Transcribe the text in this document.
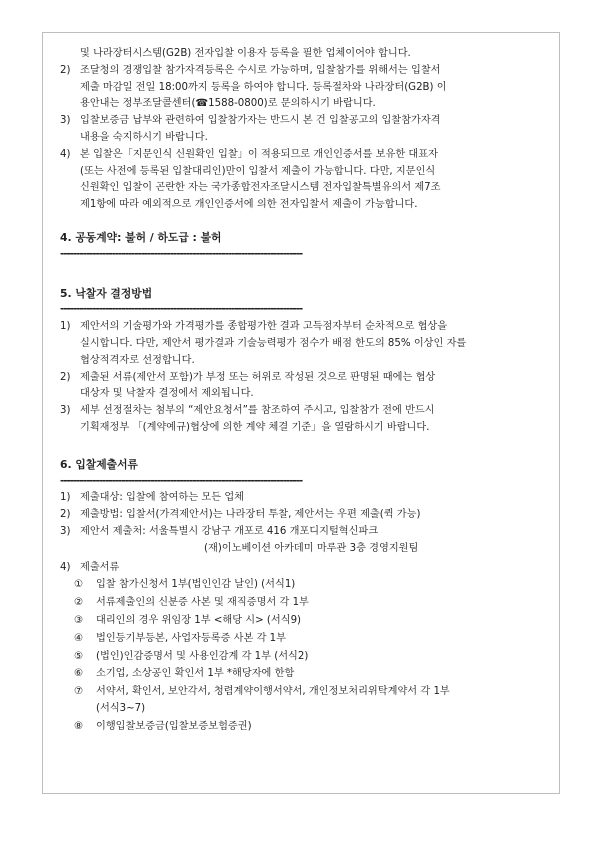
및 나라장터시스템(G2B) 전자입찰 이용자 등록을 필한 업체이어야 합니다.
2) 조달청의 경쟁입찰 참가자격등록은 수시로 가능하며, 입찰참가를 위해서는 입찰서
제출 마감일 전일 18:00까지 등록을 하여야 합니다. 등록절차와 나라장터(G2B) 이
용안내는 정부조달콜센터(☎1588-0800)로 문의하시기 바랍니다.
3) 입찰보증금 납부와 관련하여 입찰참가자는 반드시 본 건 입찰공고의 입찰참가자격
내용을 숙지하시기 바랍니다.
4) 본 입찰은「지문인식 신원확인 입찰」이 적용되므로 개인인증서를 보유한 대표자
(또는 사전에 등록된 입찰대리인)만이 입찰서 제출이 가능합니다. 다만, 지문인식
신원확인 입찰이 곤란한 자는 국가종합전자조달시스템 전자입찰특별유의서 제7조
제1항에 따라 예외적으로 개인인증서에 의한 전자입찰서 제출이 가능합니다.
4. 공동계약: 불허 / 하도급 : 불허
---------------------------------------------------------------------------
5. 낙찰자 결정방법
---------------------------------------------------------------------------
1) 제안서의 기술평가와 가격평가를 종합평가한 결과 고득점자부터 순차적으로 협상을
실시합니다. 다만, 제안서 평가결과 기술능력평가 점수가 배점 한도의 85% 이상인 자를
협상적격자로 선정합니다.
2) 제출된 서류(제안서 포함)가 부정 또는 허위로 작성된 것으로 판명된 때에는 협상
대상자 및 낙찰자 결정에서 제외됩니다.
3) 세부 선정절차는 첨부의 “제안요청서”를 참조하여 주시고, 입찰참가 전에 반드시
기획재정부 「(계약예규)협상에 의한 계약 체결 기준」을 열람하시기 바랍니다.
6. 입찰제출서류
---------------------------------------------------------------------------
1) 제출대상: 입찰에 참여하는 모든 업체
2) 제출방법: 입찰서(가격제안서)는 나라장터 투찰, 제안서는 우편 제출(퀵 가능)
3) 제안서 제출처: 서울특별시 강남구 개포로 416 개포디지털혁신파크
(재)이노베이션 아카데미 마루관 3층 경영지원팀
4) 제출서류
① 입찰 참가신청서 1부(법인인감 날인) (서식1)
② 서류제출인의 신분증 사본 및 재직증명서 각 1부
③ 대리인의 경우 위임장 1부 <해당 시> (서식9)
④ 법인등기부등본, 사업자등록증 사본 각 1부
⑤ (법인)인감증명서 및 사용인감계 각 1부 (서식2)
⑥ 소기업, 소상공인 확인서 1부 *해당자에 한함
⑦ 서약서, 확인서, 보안각서, 청렴계약이행서약서, 개인정보처리위탁계약서 각 1부
(서식3~7)
⑧ 이행입찰보증금(입찰보증보험증권)
